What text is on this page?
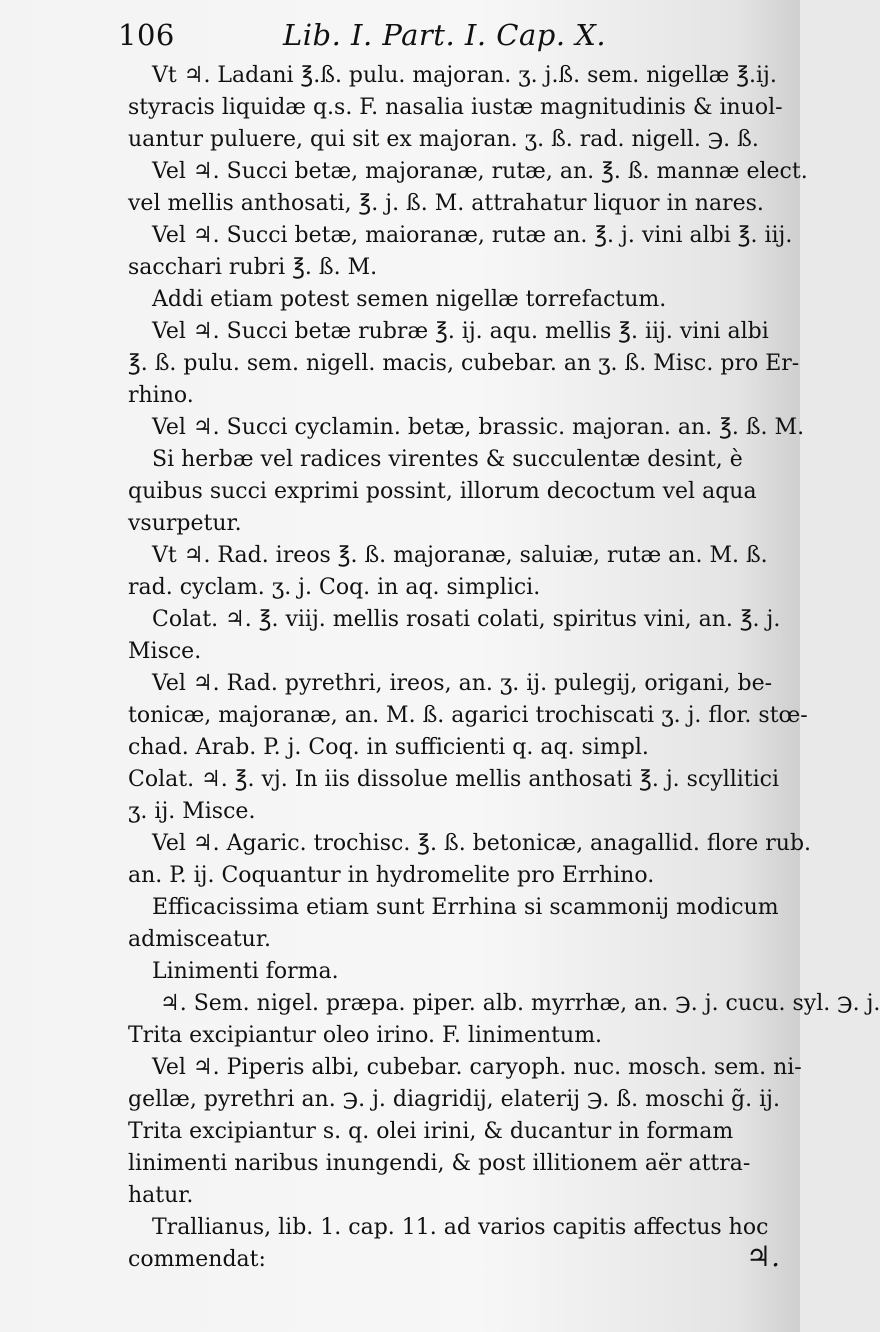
106	Lib. I. Part. I. Cap. X.
Vt ♃. Ladani ℥.ß. pulu. majoran. ʒ. j.ß. sem. nigellæ ℥.ij.
styracis liquidæ q.s. F. nasalia iustæ magnitudinis & inuol-
uantur puluere, qui sit ex majoran. ʒ. ß. rad. nigell. ℈. ß.
Vel ♃. Succi betæ, majoranæ, rutæ, an. ℥. ß. mannæ elect.
vel mellis anthosati, ℥. j. ß. M. attrahatur liquor in nares.
Vel ♃. Succi betæ, maioranæ, rutæ an. ℥. j. vini albi ℥. iij.
sacchari rubri ℥. ß. M.
Addi etiam potest semen nigellæ torrefactum.
Vel ♃. Succi betæ rubræ ℥. ij. aqu. mellis ℥. iij. vini albi
℥. ß. pulu. sem. nigell. macis, cubebar. an ʒ. ß. Misc. pro Er-
rhino.
Vel ♃. Succi cyclamin. betæ, brassic. majoran. an. ℥. ß. M.
Si herbæ vel radices virentes & succulentæ desint, è
quibus succi exprimi possint, illorum decoctum vel aqua
vsurpetur.
Vt ♃. Rad. ireos ℥. ß. majoranæ, saluiæ, rutæ an. M. ß.
rad. cyclam. ʒ. j. Coq. in aq. simplici.
Colat. ♃. ℥. viij. mellis rosati colati, spiritus vini, an. ℥. j.
Misce.
Vel ♃. Rad. pyrethri, ireos, an. ʒ. ij. pulegij, origani, be-
tonicæ, majoranæ, an. M. ß. agarici trochiscati ʒ. j. flor. stœ-
chad. Arab. P. j. Coq. in sufficienti q. aq. simpl.
Colat. ♃. ℥. vj. In iis dissolue mellis anthosati ℥. j. scyllitici
ʒ. ij. Misce.
Vel ♃. Agaric. trochisc. ℥. ß. betonicæ, anagallid. flore rub.
an. P. ij. Coquantur in hydromelite pro Errhino.
Efficacissima etiam sunt Errhina si scammonij modicum
admisceatur.
Linimenti forma.
♃. Sem. nigel. præpa. piper. alb. myrrhæ, an. ℈. j. cucu. syl. ℈. j.
Trita excipiantur oleo irino. F. linimentum.
Vel ♃. Piperis albi, cubebar. caryoph. nuc. mosch. sem. ni-
gellæ, pyrethri an. ℈. j. diagridij, elaterij ℈. ß. moschi g̃. ij.
Trita excipiantur s. q. olei irini, & ducantur in formam
linimenti naribus inungendi, & post illitionem aër attra-
hatur.
Trallianus, lib. 1. cap. 11. ad varios capitis affectus hoc
commendat:	♃.
